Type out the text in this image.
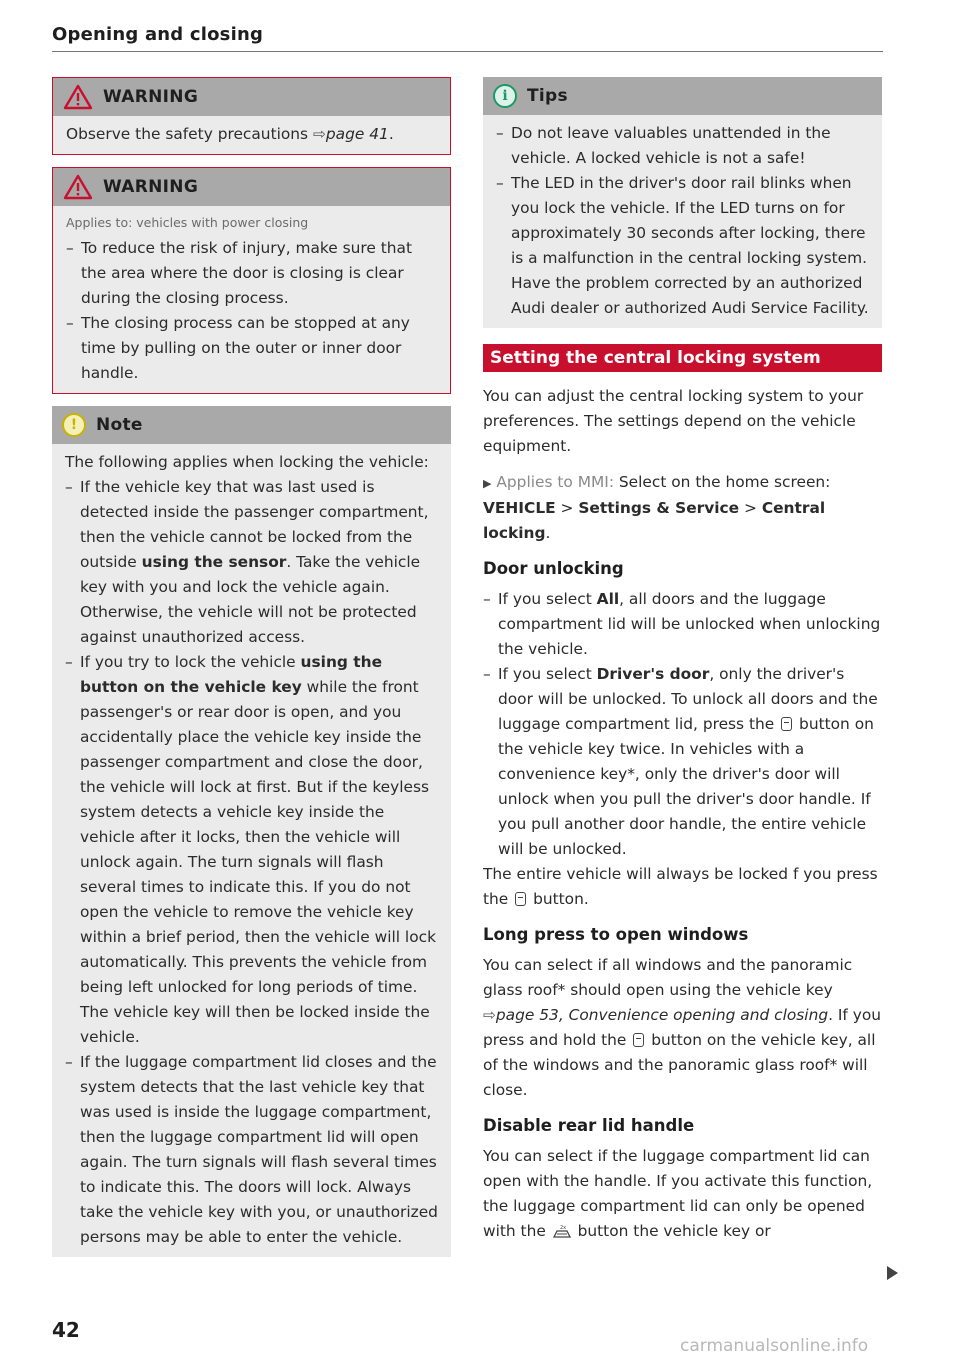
Opening and closing
WARNING

Observe the safety precautions ⇨page 41.

WARNING

Applies to: vehicles with power closing

– To reduce the risk of injury, make sure that the area where the door is closing is clear during the closing process.
– The closing process can be stopped at any time by pulling on the outer or inner door handle.
!	Note

The following applies when locking the vehicle:

– If the vehicle key that was last used is detected inside the passenger compartment, then the vehicle cannot be locked from the outside using the sensor. Take the vehicle key with you and lock the vehicle again. Otherwise, the vehicle will not be protected against unauthorized access.
– If you try to lock the vehicle using the button on the vehicle key while the front passenger's or rear door is open, and you accidentally place the vehicle key inside the passenger compartment and close the door, the vehicle will lock at first. But if the keyless system detects a vehicle key inside the vehicle after it locks, then the vehicle will unlock again. The turn signals will flash several times to indicate this. If you do not open the vehicle to remove the vehicle key within a brief period, then the vehicle will lock automatically. This prevents the vehicle from being left unlocked for long periods of time. The vehicle key will then be locked inside the vehicle.
– If the luggage compartment lid closes and the system detects that the last vehicle key that was used is inside the luggage compartment, then the luggage compartment lid will open again. The turn signals will flash several times to indicate this. The doors will lock. Always take the vehicle key with you, or unauthorized persons may be able to enter the vehicle.
i	Tips
– Do not leave valuables unattended in the vehicle. A locked vehicle is not a safe!
– The LED in the driver's door rail blinks when you lock the vehicle. If the LED turns on for approximately 30 seconds after locking, there is a malfunction in the central locking system. Have the problem corrected by an authorized Audi dealer or authorized Audi Service Facility.
Setting the central locking system

You can adjust the central locking system to your preferences. The settings depend on the vehicle equipment.

▶ Applies to MMI: Select on the home screen: VEHICLE > Settings & Service > Central locking.

Door unlocking
– If you select All, all doors and the luggage compartment lid will be unlocked when unlocking the vehicle.
– If you select Driver's door, only the driver's door will be unlocked. To unlock all doors and the luggage compartment lid, press the button on the vehicle key twice. In vehicles with a convenience key*, only the driver's door will unlock when you pull the driver's door handle. If you pull another door handle, the entire vehicle will be unlocked.

The entire vehicle will always be locked f you press the button.

Long press to open windows

You can select if all windows and the panoramic glass roof* should open using the vehicle key ⇨page 53, Convenience opening and closing. If you press and hold the button on the vehicle key, all of the windows and the panoramic glass roof* will close.

Disable rear lid handle

You can select if the luggage compartment lid can open with the handle. If you activate this function, the luggage compartment lid can only be opened with the	2x button the vehicle key or

42
carmanualsonline.info
